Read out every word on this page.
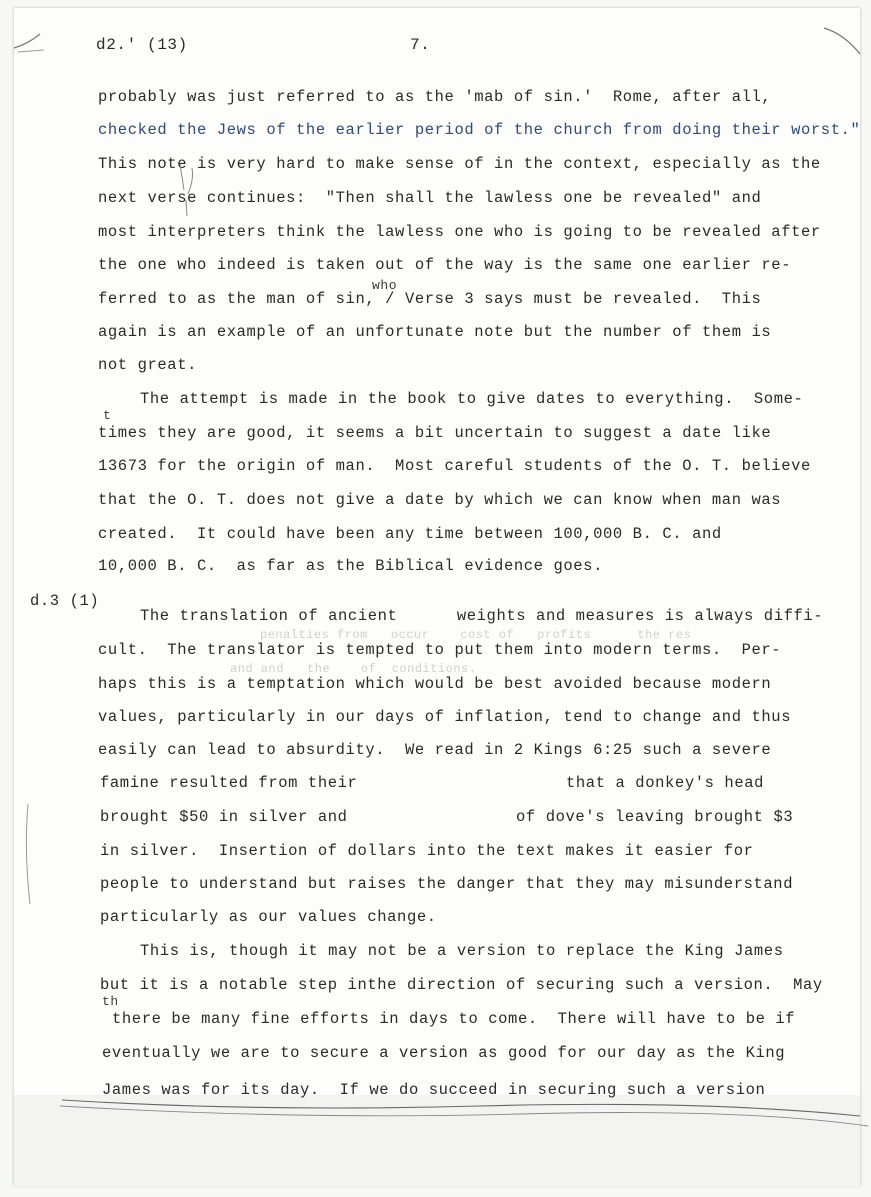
d2.' (13)	7.
probably was just referred to as the 'mab of sin.'  Rome, after all,
checked the Jews of the earlier period of the church from doing their worst."
This note is very hard to make sense of in the context, especially as the
next verse continues:  "Then shall the lawless one be revealed" and
most interpreters think the lawless one who is going to be revealed after
the one who indeed is taken out of the way is the same one earlier re-
who
ferred to as the man of sin, / Verse 3 says must be revealed.  This
again is an example of an unfortunate note but the number of them is
not great.
The attempt is made in the book to give dates to everything.  Some-
t
times they are good, it seems a bit uncertain to suggest a date like
13673 for the origin of man.  Most careful students of the O. T. believe
that the O. T. does not give a date by which we can know when man was
created.  It could have been any time between 100,000 B. C. and
10,000 B. C.  as far as the Biblical evidence goes.
d.3 (1)
The translation of ancient      weights and measures is always diffi-
penalties from   occur    cost of   profits      the res
cult.  The translator is tempted to put them into modern terms.  Per-
and and   the    of  conditions.
haps this is a temptation which would be best avoided because modern
values, particularly in our days of inflation, tend to change and thus
easily can lead to absurdity.  We read in 2 Kings 6:25 such a severe
famine resulted from their	that a donkey's head
brought $50 in silver and	of dove's leaving brought $3
in silver.  Insertion of dollars into the text makes it easier for
people to understand but raises the danger that they may misunderstand
particularly as our values change.
This is, though it may not be a version to replace the King James
but it is a notable step inthe direction of securing such a version.  May
th
there be many fine efforts in days to come.  There will have to be if
eventually we are to secure a version as good for our day as the King
James was for its day.  If we do succeed in securing such a version
